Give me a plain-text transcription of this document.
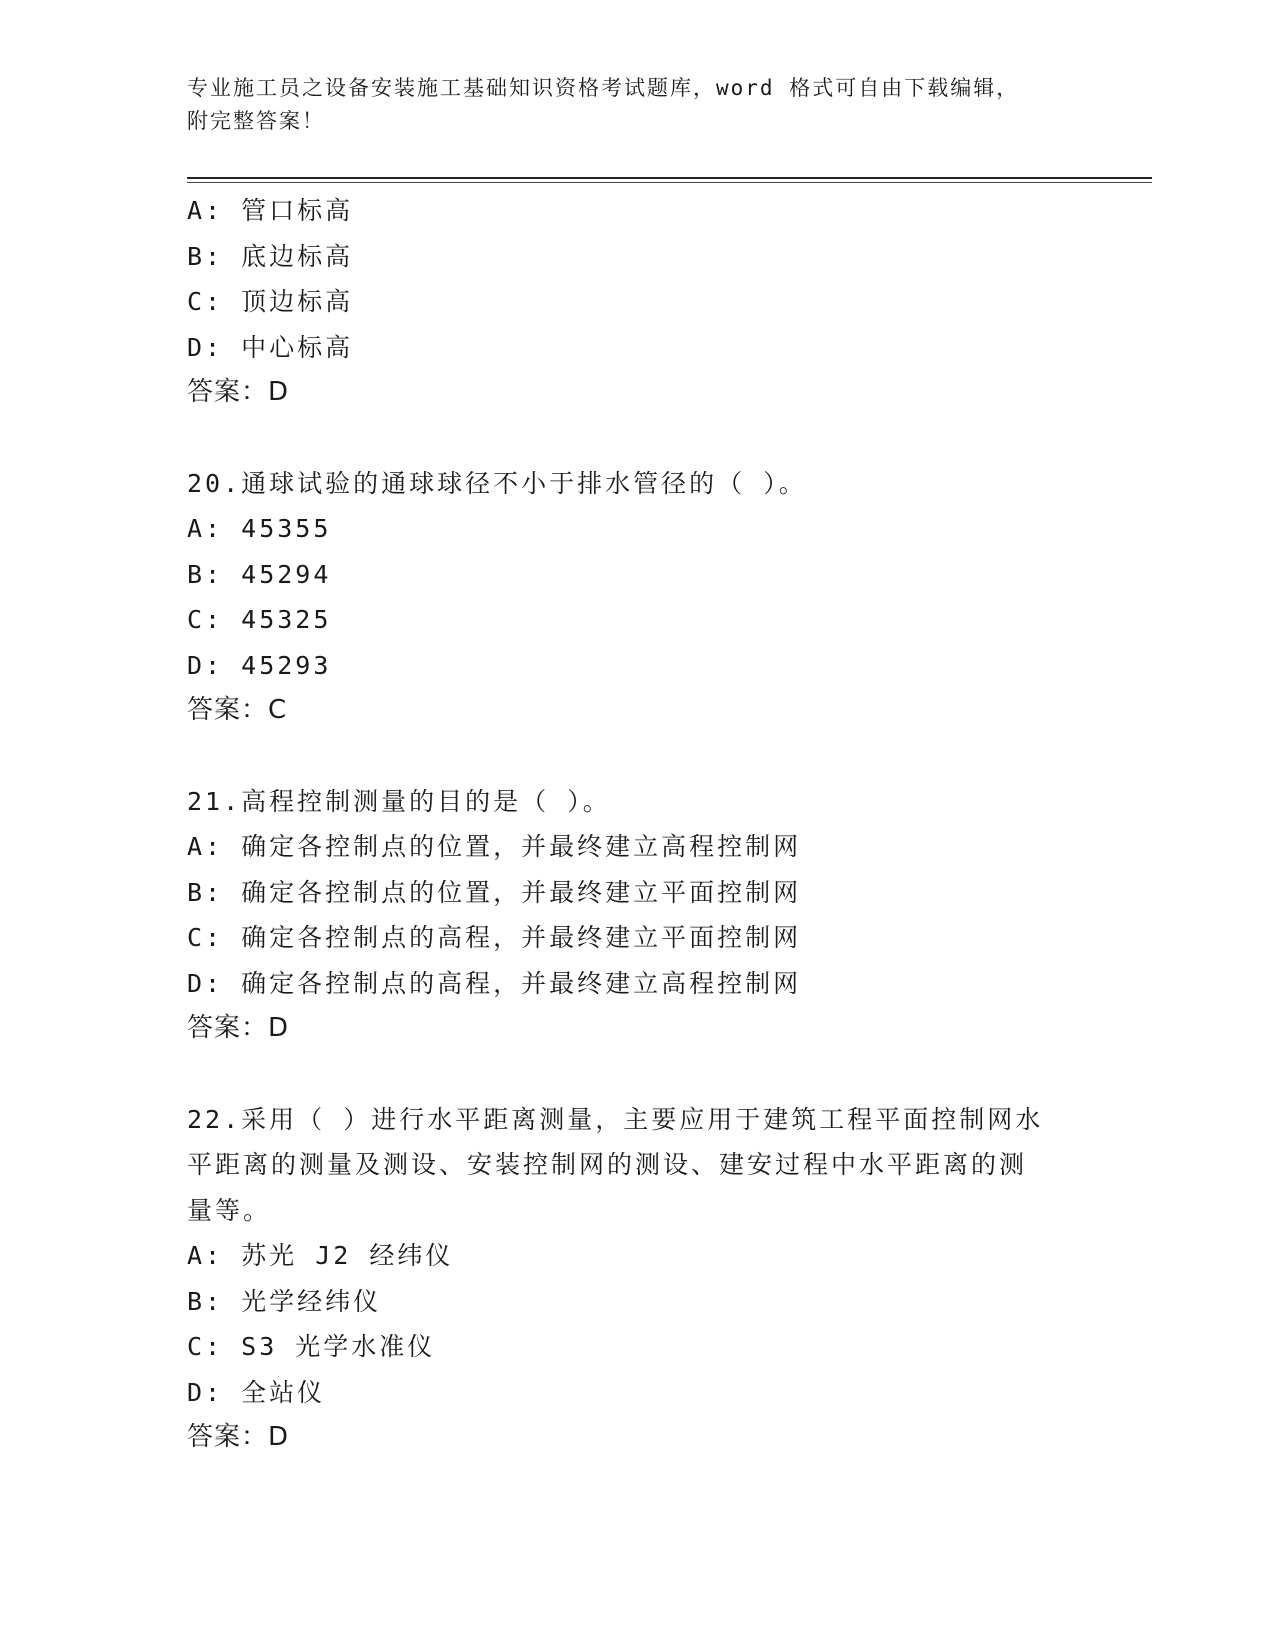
专业施工员之设备安装施工基础知识资格考试题库，word 格式可自由下载编辑，
附完整答案！
A: 管口标高
B: 底边标高
C: 顶边标高
D: 中心标高
答案：D
20.通球试验的通球球径不小于排水管径的（ ）。
A: 45355
B: 45294
C: 45325
D: 45293
答案：C
21.高程控制测量的目的是（ ）。
A: 确定各控制点的位置，并最终建立高程控制网
B: 确定各控制点的位置，并最终建立平面控制网
C: 确定各控制点的高程，并最终建立平面控制网
D: 确定各控制点的高程，并最终建立高程控制网
答案：D
22.采用（ ）进行水平距离测量，主要应用于建筑工程平面控制网水
平距离的测量及测设、安装控制网的测设、建安过程中水平距离的测
量等。
A: 苏光 J2 经纬仪
B: 光学经纬仪
C: S3 光学水准仪
D: 全站仪
答案：D
